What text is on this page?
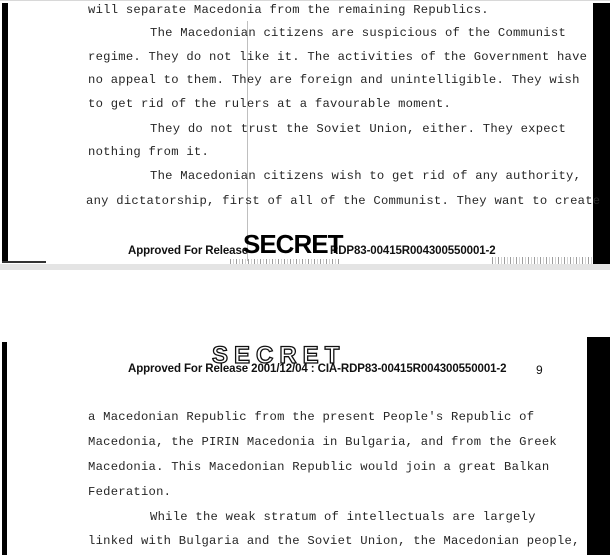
will separate Macedonia from the remaining Republics.
The Macedonian citizens are suspicious of the Communist
regime. They do not like it. The activities of the Government have
no appeal to them. They are foreign and unintelligible. They wish
to get rid of the rulers at a favourable moment.
They do not trust the Soviet Union, either. They expect
nothing from it.
The Macedonian citizens wish to get rid of any authority,
any dictatorship, first of all of the Communist. They want to create
Approved For Release	RDP83-00415R004300550001-2
SECRET
SECRET
Approved For Release 2001/12/04 : CIA-RDP83-00415R004300550001-2 9
a Macedonian Republic from the present People's Republic of
Macedonia, the PIRIN Macedonia in Bulgaria, and from the Greek
Macedonia. This Macedonian Republic would join a great Balkan
Federation.
While the weak stratum of intellectuals are largely
linked with Bulgaria and the Soviet Union, the Macedonian people,
